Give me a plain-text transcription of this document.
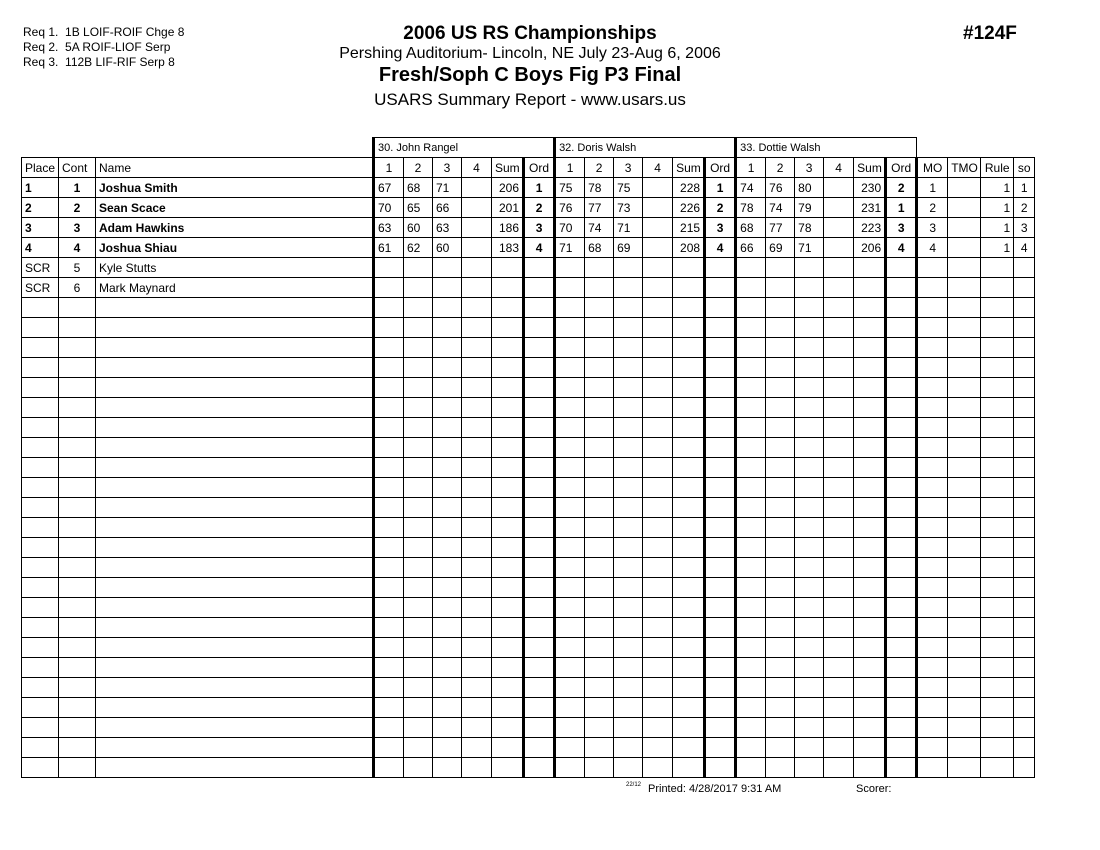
Req 1. 1B LOIF-ROIF Chge 8
Req 2. 5A ROIF-LIOF Serp
Req 3. 112B LIF-RIF Serp 8
2006 US RS Championships
Pershing Auditorium- Lincoln, NE July 23-Aug 6, 2006
Fresh/Soph C Boys Fig P3 Final
USARS Summary Report - www.usars.us
#124F
			30. John Rangel						32. Doris Walsh						33. Dottie Walsh									
Place	Cont	Name	1	2	3	4	Sum	Ord	1	2	3	4	Sum	Ord	1	2	3	4	Sum	Ord	MO	TMO	Rule	so
1	1	Joshua Smith	67	68	71		206	1	75	78	75		228	1	74	76	80		230	2	1		1	1
2	2	Sean Scace	70	65	66		201	2	76	77	73		226	2	78	74	79		231	1	2		1	2
3	3	Adam Hawkins	63	60	63		186	3	70	74	71		215	3	68	77	78		223	3	3		1	3
4	4	Joshua Shiau	61	62	60		183	4	71	68	69		208	4	66	69	71		206	4	4		1	4
SCR	5	Kyle Stutts																						
SCR	6	Mark Maynard																						

22/12 Printed: 4/28/2017 9:31 AM	Scorer:
